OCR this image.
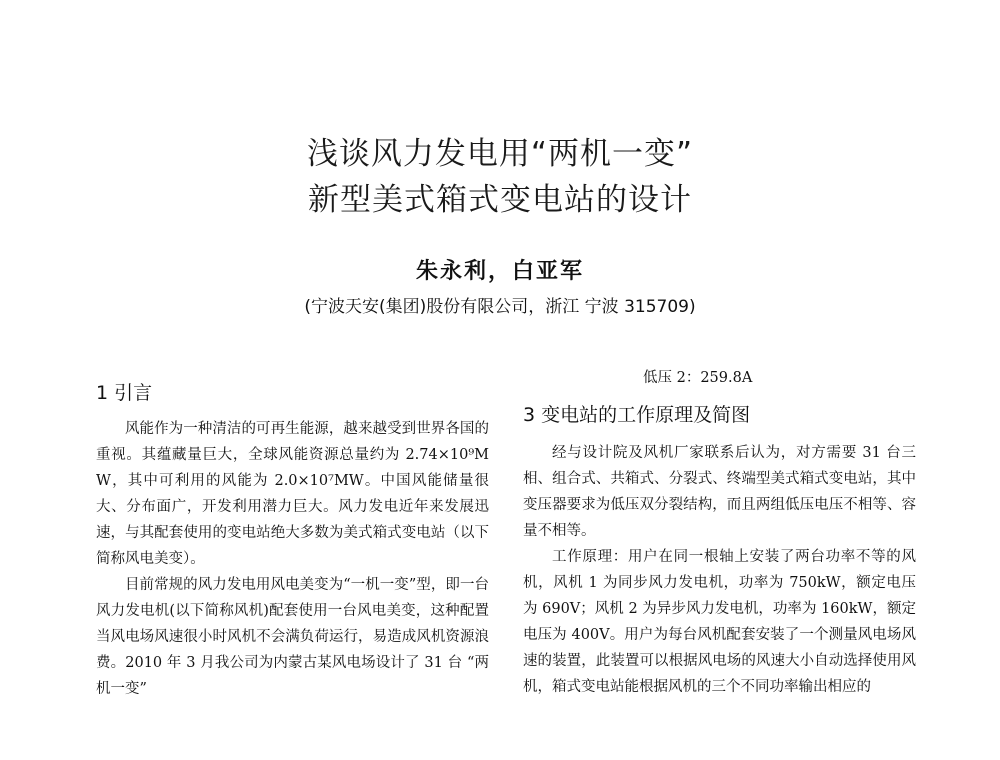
浅谈风力发电用“两机一变”
新型美式箱式变电站的设计
朱永利，白亚军
(宁波天安(集团)股份有限公司，浙江 宁波 315709)
1 引言

风能作为一种清洁的可再生能源，越来越受到世界各国的重视。其蕴藏量巨大，全球风能资源总量约为 2.74×10⁹MW，其中可利用的风能为 2.0×10⁷MW。中国风能储量很大、分布面广，开发利用潜力巨大。风力发电近年来发展迅速，与其配套使用的变电站绝大多数为美式箱式变电站（以下简称风电美变）。

目前常规的风力发电用风电美变为“一机一变”型，即一台风力发电机(以下简称风机)配套使用一台风电美变，这种配置当风电场风速很小时风机不会满负荷运行，易造成风机资源浪费。2010 年 3 月我公司为内蒙古某风电场设计了 31 台 “两机一变”

低压 2：259.8A

3 变电站的工作原理及简图

经与设计院及风机厂家联系后认为，对方需要 31 台三相、组合式、共箱式、分裂式、终端型美式箱式变电站，其中变压器要求为低压双分裂结构，而且两组低压电压不相等、容量不相等。

工作原理：用户在同一根轴上安装了两台功率不等的风机，风机 1 为同步风力发电机，功率为 750kW，额定电压为 690V；风机 2 为异步风力发电机，功率为 160kW，额定电压为 400V。用户为每台风机配套安装了一个测量风电场风速的装置，此装置可以根据风电场的风速大小自动选择使用风机，箱式变电站能根据风机的三个不同功率输出相应的
